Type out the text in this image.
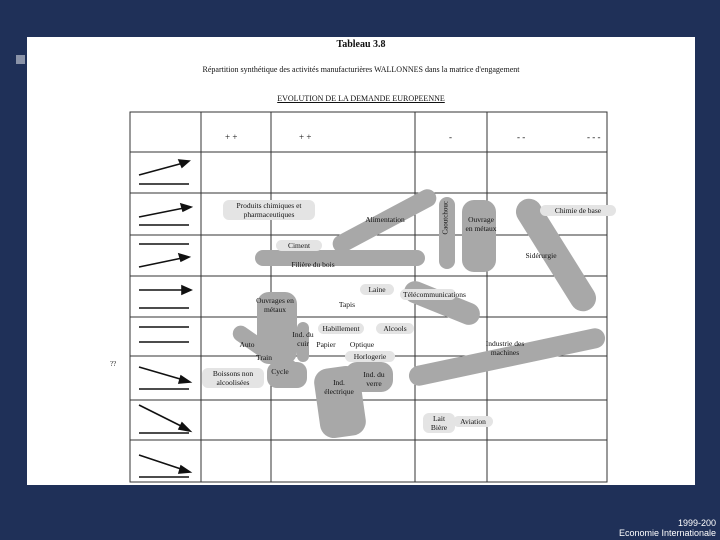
Tableau 3.8
Répartition synthétique des activités manufacturières WALLONNES dans la matrice d'engagement
EVOLUTION DE LA DEMANDE EUROPEENNE
+ +	+ +	-	- -	- - -
Produits chimiques et pharmaceutiques
Alimentation	Caoutchouc	Ouvrage en métaux
Chimie de base
Sidérurgie
Ciment
Filière du bois
Laine
Tapis
Télécommunications
Ouvrages en métaux
Ind. du cuir
Habillement	Alcools
Papier	Optique
Horlogerie
Industrie des machines
Auto
Train
Cycle
Boissons non alcoolisées
Ind. du verre
Ind. électrique
Lait Bière
Aviation
??
1999-200
Economie Internationale
